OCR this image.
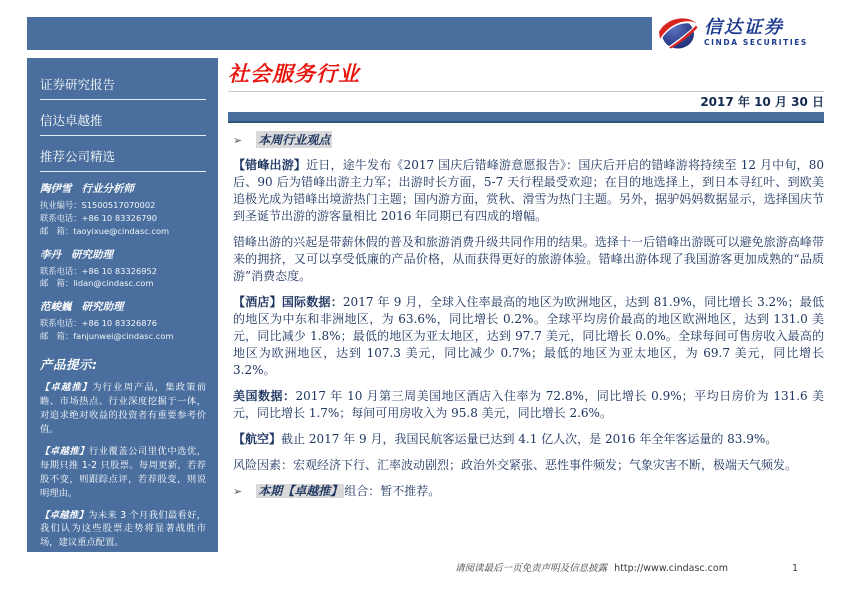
信达证券
CINDA SECURITIES
证券研究报告
信达卓越推
推荐公司精选
陶伊雪 行业分析师
执业编号：S1500517070002
联系电话：+86 10 83326790
邮　箱：taoyixue@cindasc.com
李丹 研究助理
联系电话：+86 10 83326952
邮　箱：lidan@cindasc.com
范峻巍 研究助理
联系电话：+86 10 83326876
邮　箱：fanjunwei@cindasc.com
产品提示:

【卓越推】为行业周产品，集政策前瞻、市场热点、行业深度挖掘于一体，对追求绝对收益的投资者有重要参考价值。

【卓越推】行业覆盖公司里优中选优，每期只推 1-2 只股票。每周更新，若荐股不变，则跟踪点评，若荐股变，则说明理由。

【卓越推】为未来 3 个月我们最看好，我们认为这些股票走势将显著战胜市场，建议重点配置。

信达证券股份有限公司
CINDA SECURITIES CO.,LTD
北京市西城区闹市口大街 9 号院 1 号楼
邮编: 100031
社会服务行业
2017 年 10 月 30 日
➢ 本周行业观点

【错峰出游】近日，途牛发布《2017 国庆后错峰游意愿报告》：国庆后开启的错峰游将持续至 12 月中旬，80 后、90 后为错峰出游主力军；出游时长方面，5-7 天行程最受欢迎；在目的地选择上，到日本寻红叶、到欧美追极光成为错峰出境游热门主题；国内游方面，赏秋、滑雪为热门主题。另外，据驴妈妈数据显示，选择国庆节到圣诞节出游的游客量相比 2016 年同期已有四成的增幅。

错峰出游的兴起是带薪休假的普及和旅游消费升级共同作用的结果。选择十一后错峰出游既可以避免旅游高峰带来的拥挤，又可以享受低廉的产品价格，从而获得更好的旅游体验。错峰出游体现了我国游客更加成熟的“品质游”消费态度。

【酒店】国际数据：2017 年 9 月，全球入住率最高的地区为欧洲地区，达到 81.9%，同比增长 3.2%；最低的地区为中东和非洲地区，为 63.6%，同比增长 0.2%。全球平均房价最高的地区欧洲地区，达到 131.0 美元，同比减少 1.8%；最低的地区为亚太地区，达到 97.7 美元，同比增长 0.0%。全球每间可售房收入最高的地区为欧洲地区，达到 107.3 美元，同比减少 0.7%；最低的地区为亚太地区，为 69.7 美元，同比增长 3.2%。

美国数据：2017 年 10 月第三周美国地区酒店入住率为 72.8%，同比增长 0.9%；平均日房价为 131.6 美元，同比增长 1.7%；每间可用房收入为 95.8 美元，同比增长 2.6%。

【航空】截止 2017 年 9 月，我国民航客运量已达到 4.1 亿人次，是 2016 年全年客运量的 83.9%。

风险因素：宏观经济下行、汇率波动剧烈；政治外交紧张、恶性事件频发；气象灾害不断，极端天气频发。

➢ 本期【卓越推】 组合：暂不推荐。
请阅读最后一页免责声明及信息披露 http://www.cindasc.com	1
